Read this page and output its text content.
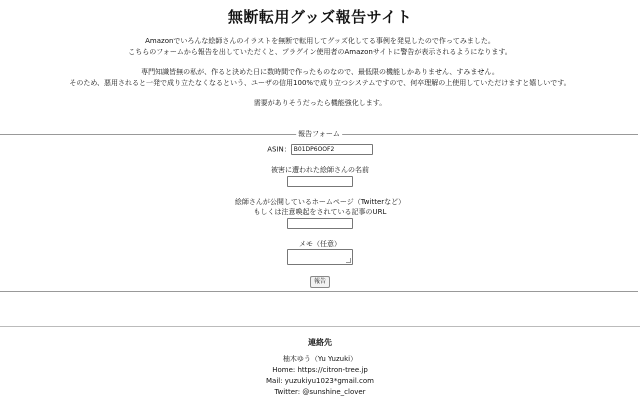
無断転用グッズ報告サイト

Amazonでいろんな絵師さんのイラストを無断で転用してグッズ化してる事例を発見したので作ってみました。

こちらのフォームから報告を出していただくと、プラグイン使用者のAmazonサイトに警告が表示されるようになります。

専門知識皆無の私が、作ると決めた日に数時間で作ったものなので、最低限の機能しかありません、すみません。

そのため、悪用されると一発で成り立たなくなるという、ユーザの信用100%で成り立つシステムですので、何卒理解の上使用していただけますと嬉しいです。

需要がありそうだったら機能強化します。

報告フォーム
ASIN： B01DP6OOF2
被害に遭われた絵師さんの名前
絵師さんが公開しているホームページ（Twitterなど）
もしくは注意喚起をされている記事のURL
メモ（任意）
報告
連絡先
柚木ゆう（Yu Yuzuki）
Home: https://citron-tree.jp
Mail: yuzukiyu1023*gmail.com
Twitter: @sunshine_clover
